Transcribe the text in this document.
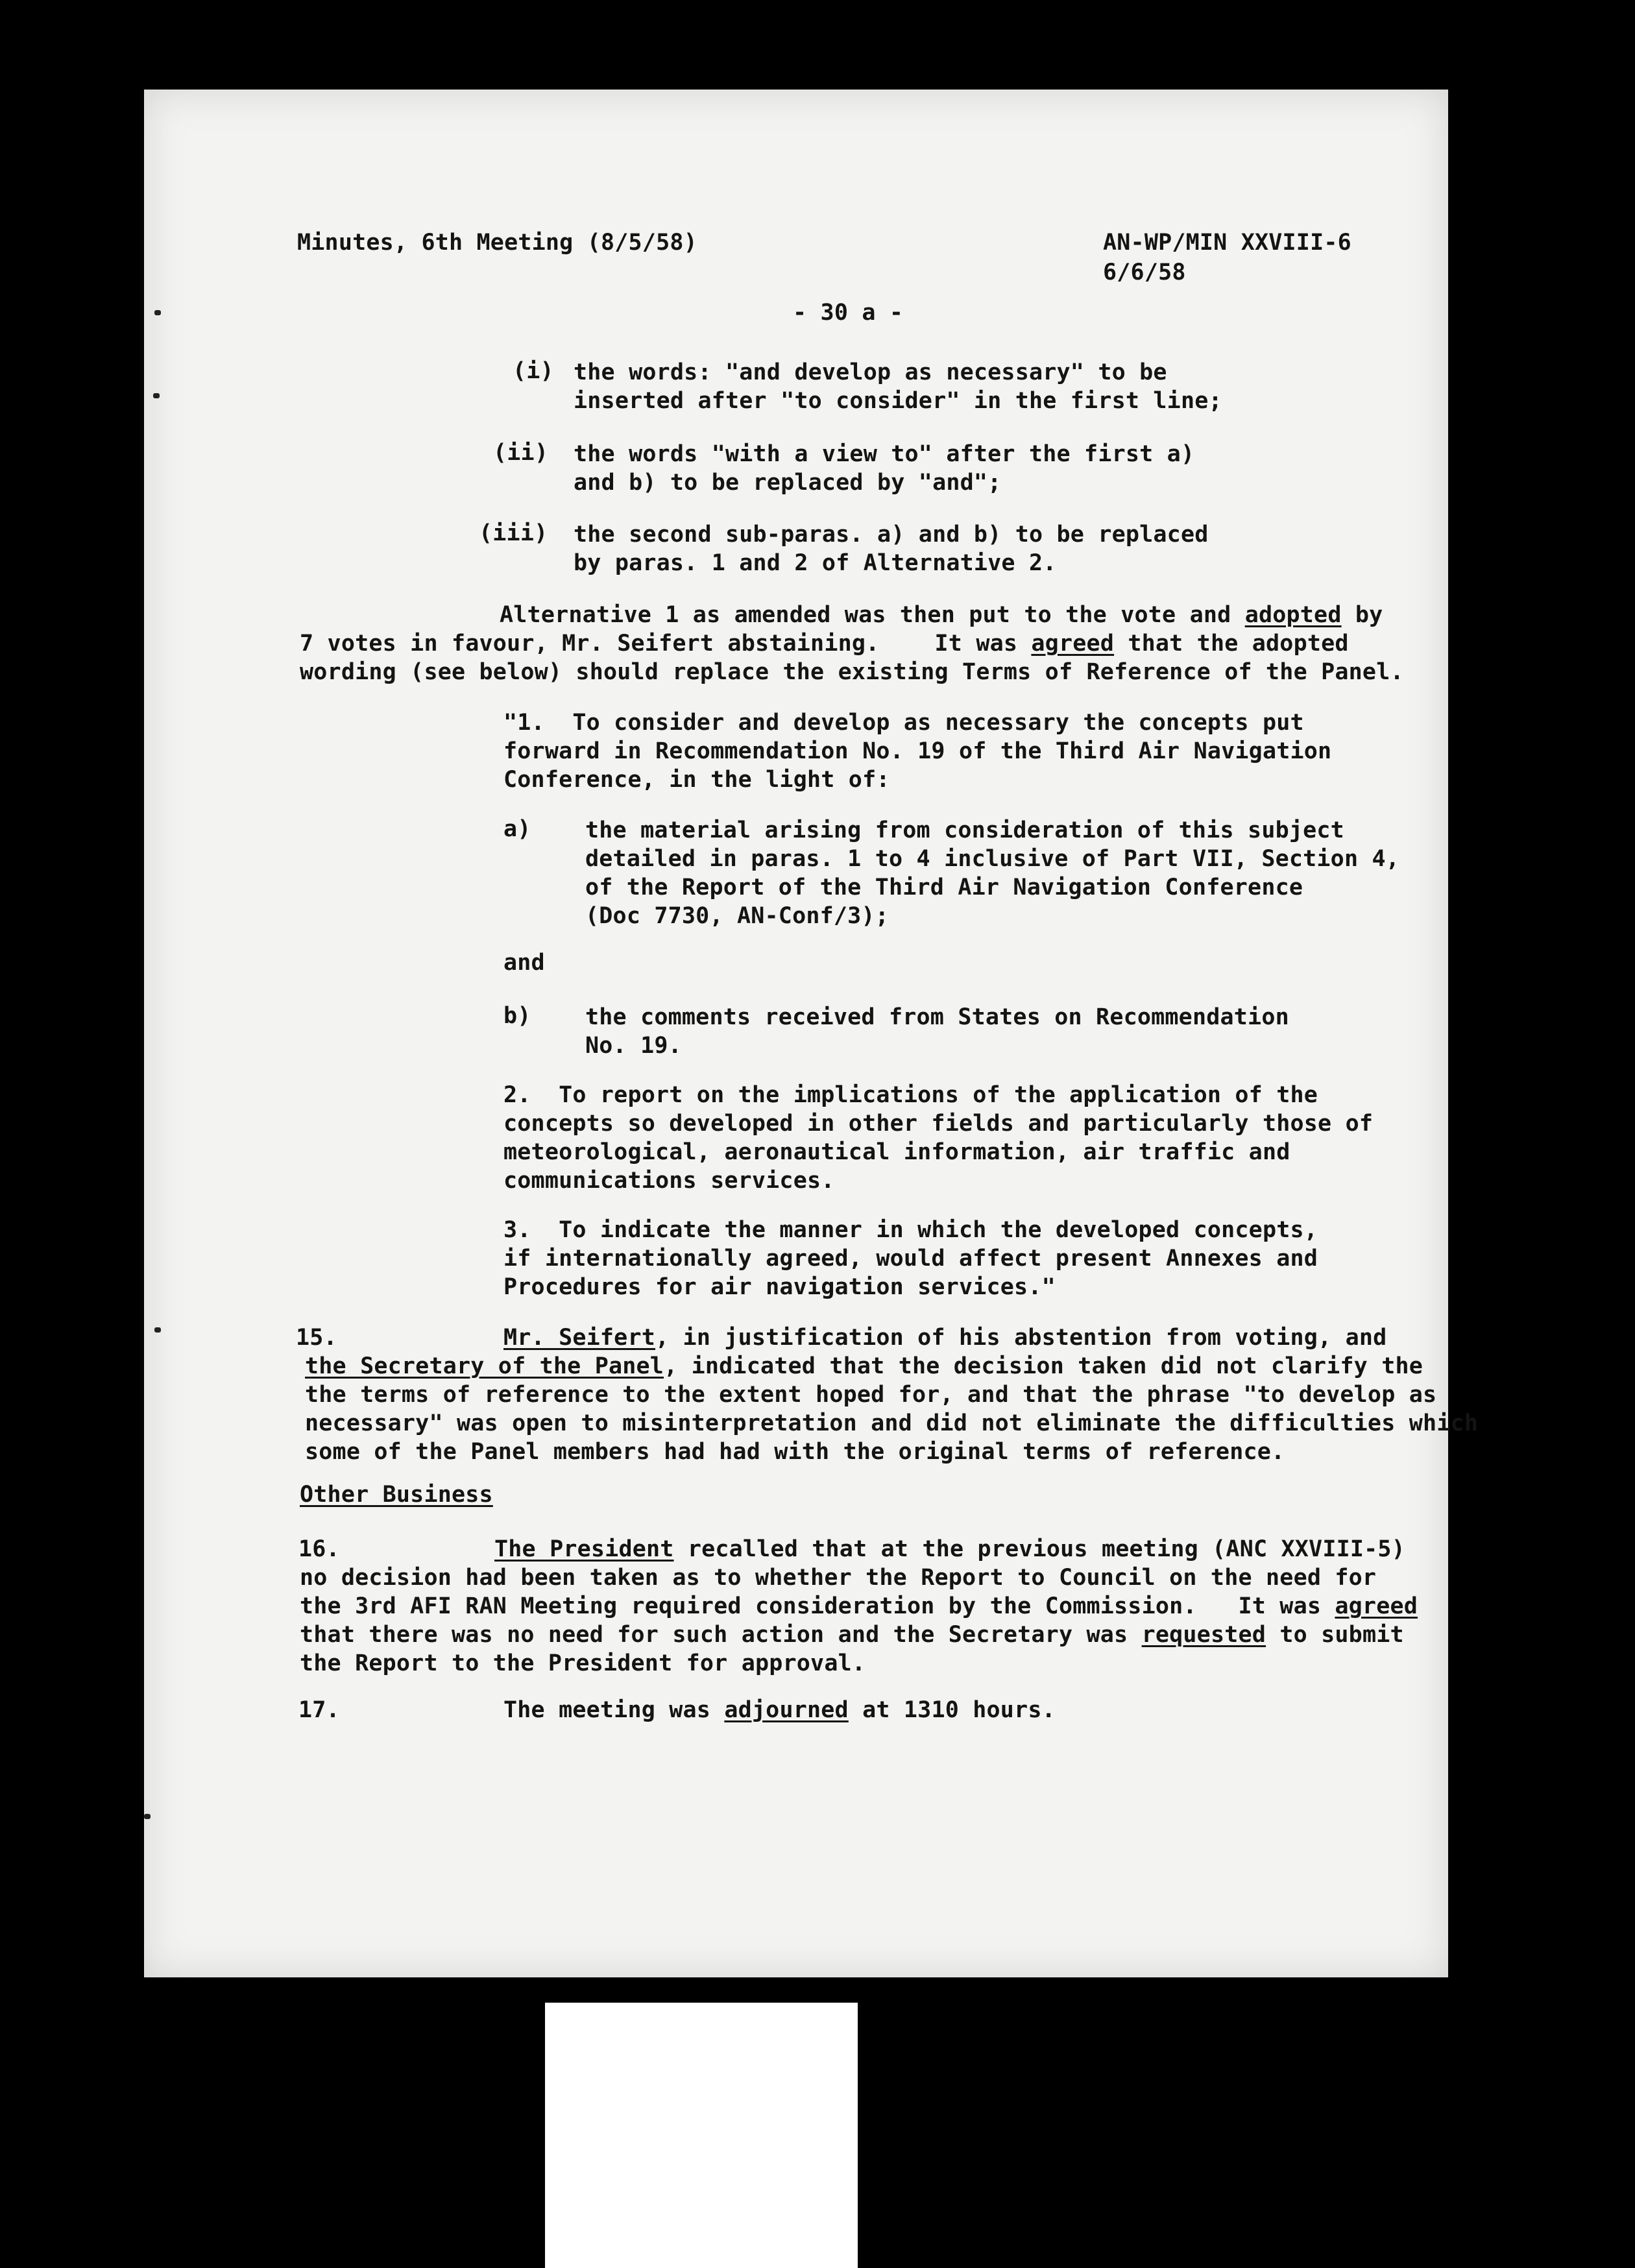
Minutes, 6th Meeting (8/5/58)	AN-WP/MIN XXVIII-6
6/6/58
- 30 a -
(i) the words: "and develop as necessary" to be
inserted after "to consider" in the first line;
(ii) the words "with a view to" after the first a)
and b) to be replaced by "and";
(iii) the second sub-paras. a) and b) to be replaced
by paras. 1 and 2 of Alternative 2.
Alternative 1 as amended was then put to the vote and adopted by
7 votes in favour, Mr. Seifert abstaining.    It was agreed that the adopted
wording (see below) should replace the existing Terms of Reference of the Panel.
"1.  To consider and develop as necessary the concepts put
forward in Recommendation No. 19 of the Third Air Navigation
Conference, in the light of:
a) the material arising from consideration of this subject
detailed in paras. 1 to 4 inclusive of Part VII, Section 4,
of the Report of the Third Air Navigation Conference
(Doc 7730, AN-Conf/3);
and
b) the comments received from States on Recommendation
No. 19.
2.  To report on the implications of the application of the
concepts so developed in other fields and particularly those of
meteorological, aeronautical information, air traffic and
communications services.
3.  To indicate the manner in which the developed concepts,
if internationally agreed, would affect present Annexes and
Procedures for air navigation services."
15.	Mr. Seifert, in justification of his abstention from voting, and
the Secretary of the Panel, indicated that the decision taken did not clarify the
the terms of reference to the extent hoped for, and that the phrase "to develop as
necessary" was open to misinterpretation and did not eliminate the difficulties which
some of the Panel members had had with the original terms of reference.
Other Business
16.	The President recalled that at the previous meeting (ANC XXVIII-5)
no decision had been taken as to whether the Report to Council on the need for
the 3rd AFI RAN Meeting required consideration by the Commission.   It was agreed
that there was no need for such action and the Secretary was requested to submit
the Report to the President for approval.
17.	The meeting was adjourned at 1310 hours.
